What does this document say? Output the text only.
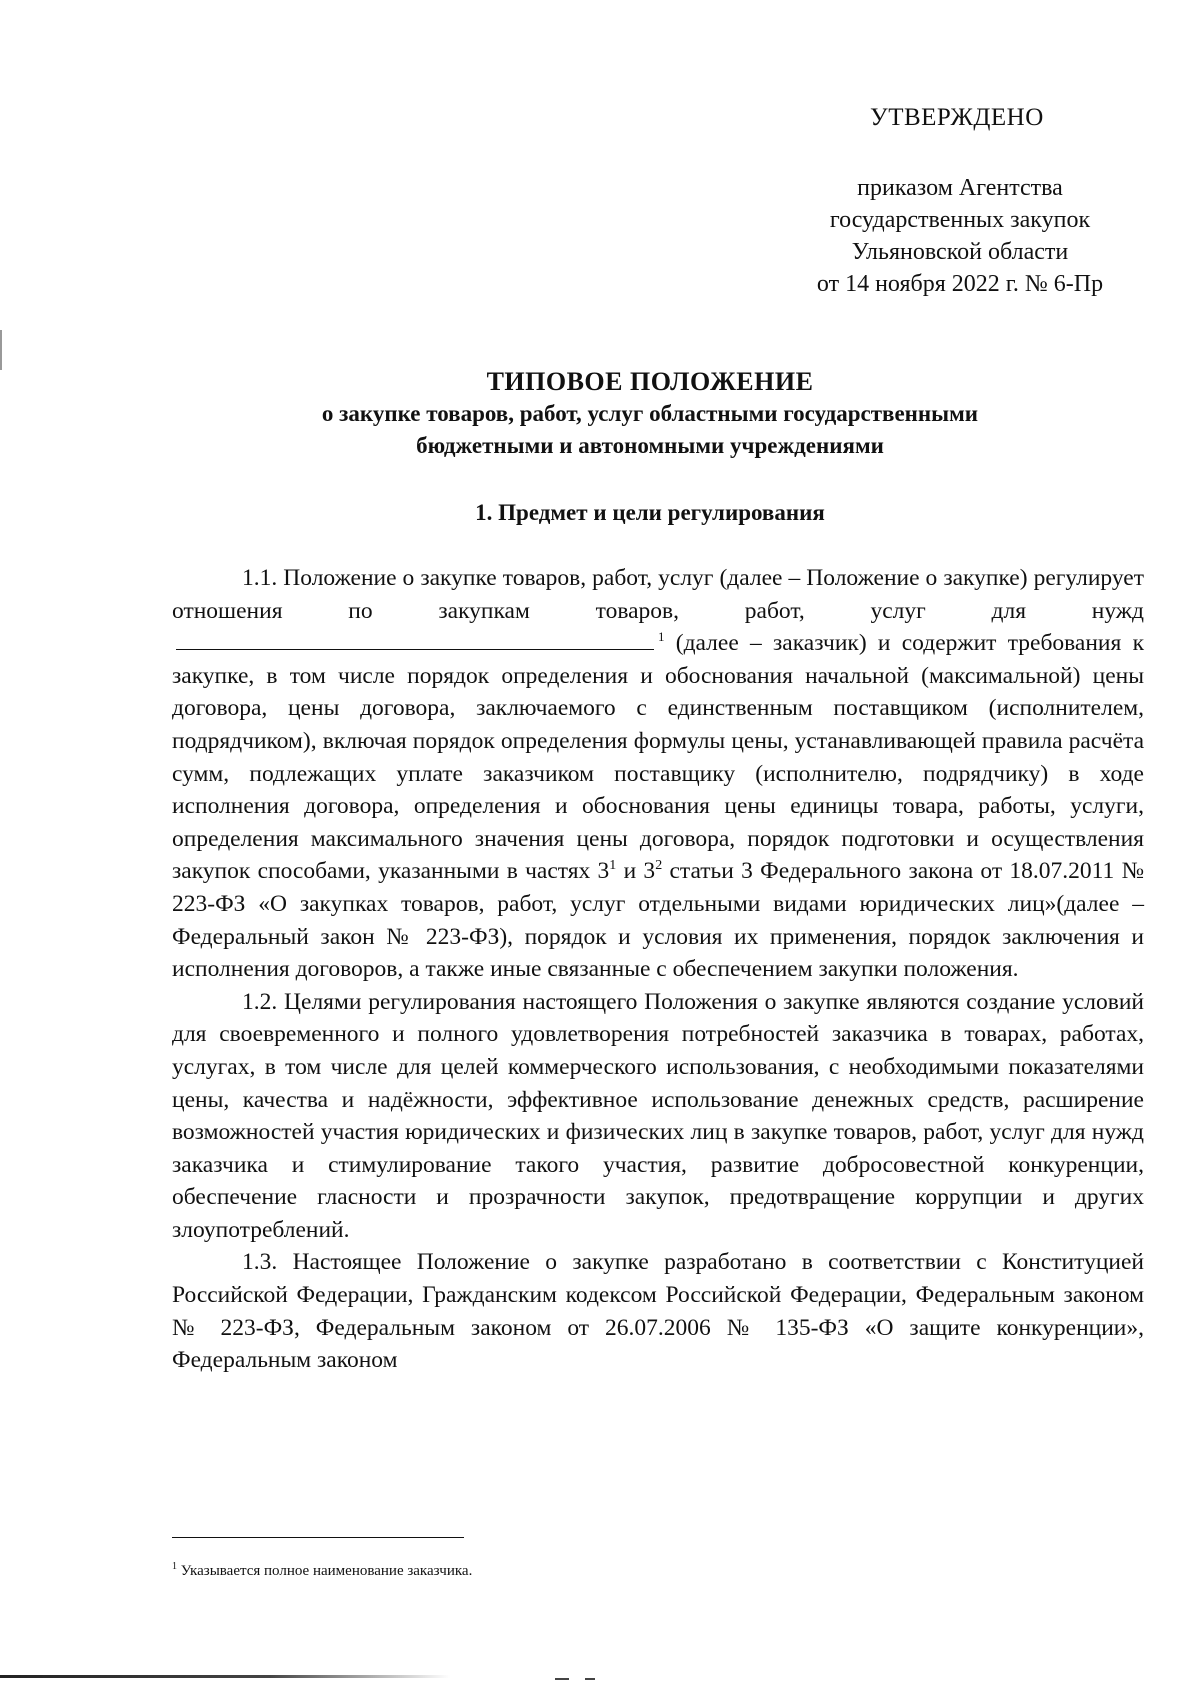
УТВЕРЖДЕНО
приказом Агентства
государственных закупок
Ульяновской области
от 14 ноября 2022 г. № 6-Пр
ТИПОВОЕ ПОЛОЖЕНИЕ
о закупке товаров, работ, услуг областными государственными
бюджетными и автономными учреждениями
1. Предмет и цели регулирования

1.1. Положение о закупке товаров, работ, услуг (далее – Положение о закупке) регулирует отношения по закупкам товаров, работ, услуг для нужд$^1$ (далее – заказчик) и содержит требования к закупке, в том числе порядок определения и обоснования начальной (максимальной) цены договора, цены договора, заключаемого с единственным поставщиком (исполнителем, подрядчиком), включая порядок определения формулы цены, устанавливающей правила расчёта сумм, подлежащих уплате заказчиком поставщику (исполнителю, подрядчику) в ходе исполнения договора, определения и обоснования цены единицы товара, работы, услуги, определения максимального значения цены договора, порядок подготовки и осуществления закупок способами, указанными в частях $3^1$ и $3^2$ статьи 3 Федерального закона от 18.07.2011 № 223-ФЗ «О закупках товаров, работ, услуг отдельными видами юридических лиц»(далее – Федеральный закон № 223-ФЗ), порядок и условия их применения, порядок заключения и исполнения договоров, а также иные связанные с обеспечением закупки положения.

1.2. Целями регулирования настоящего Положения о закупке являются создание условий для своевременного и полного удовлетворения потребностей заказчика в товарах, работах, услугах, в том числе для целей коммерческого использования, с необходимыми показателями цены, качества и надёжности, эффективное использование денежных средств, расширение возможностей участия юридических и физических лиц в закупке товаров, работ, услуг для нужд заказчика и стимулирование такого участия, развитие добросовестной конкуренции, обеспечение гласности и прозрачности закупок, предотвращение коррупции и других злоупотреблений.

1.3. Настоящее Положение о закупке разработано в соответствии с Конституцией Российской Федерации, Гражданским кодексом Российской Федерации, Федеральным законом № 223-ФЗ, Федеральным законом от 26.07.2006 № 135-ФЗ «О защите конкуренции», Федеральным законом

$^1$ Указывается полное наименование заказчика.
